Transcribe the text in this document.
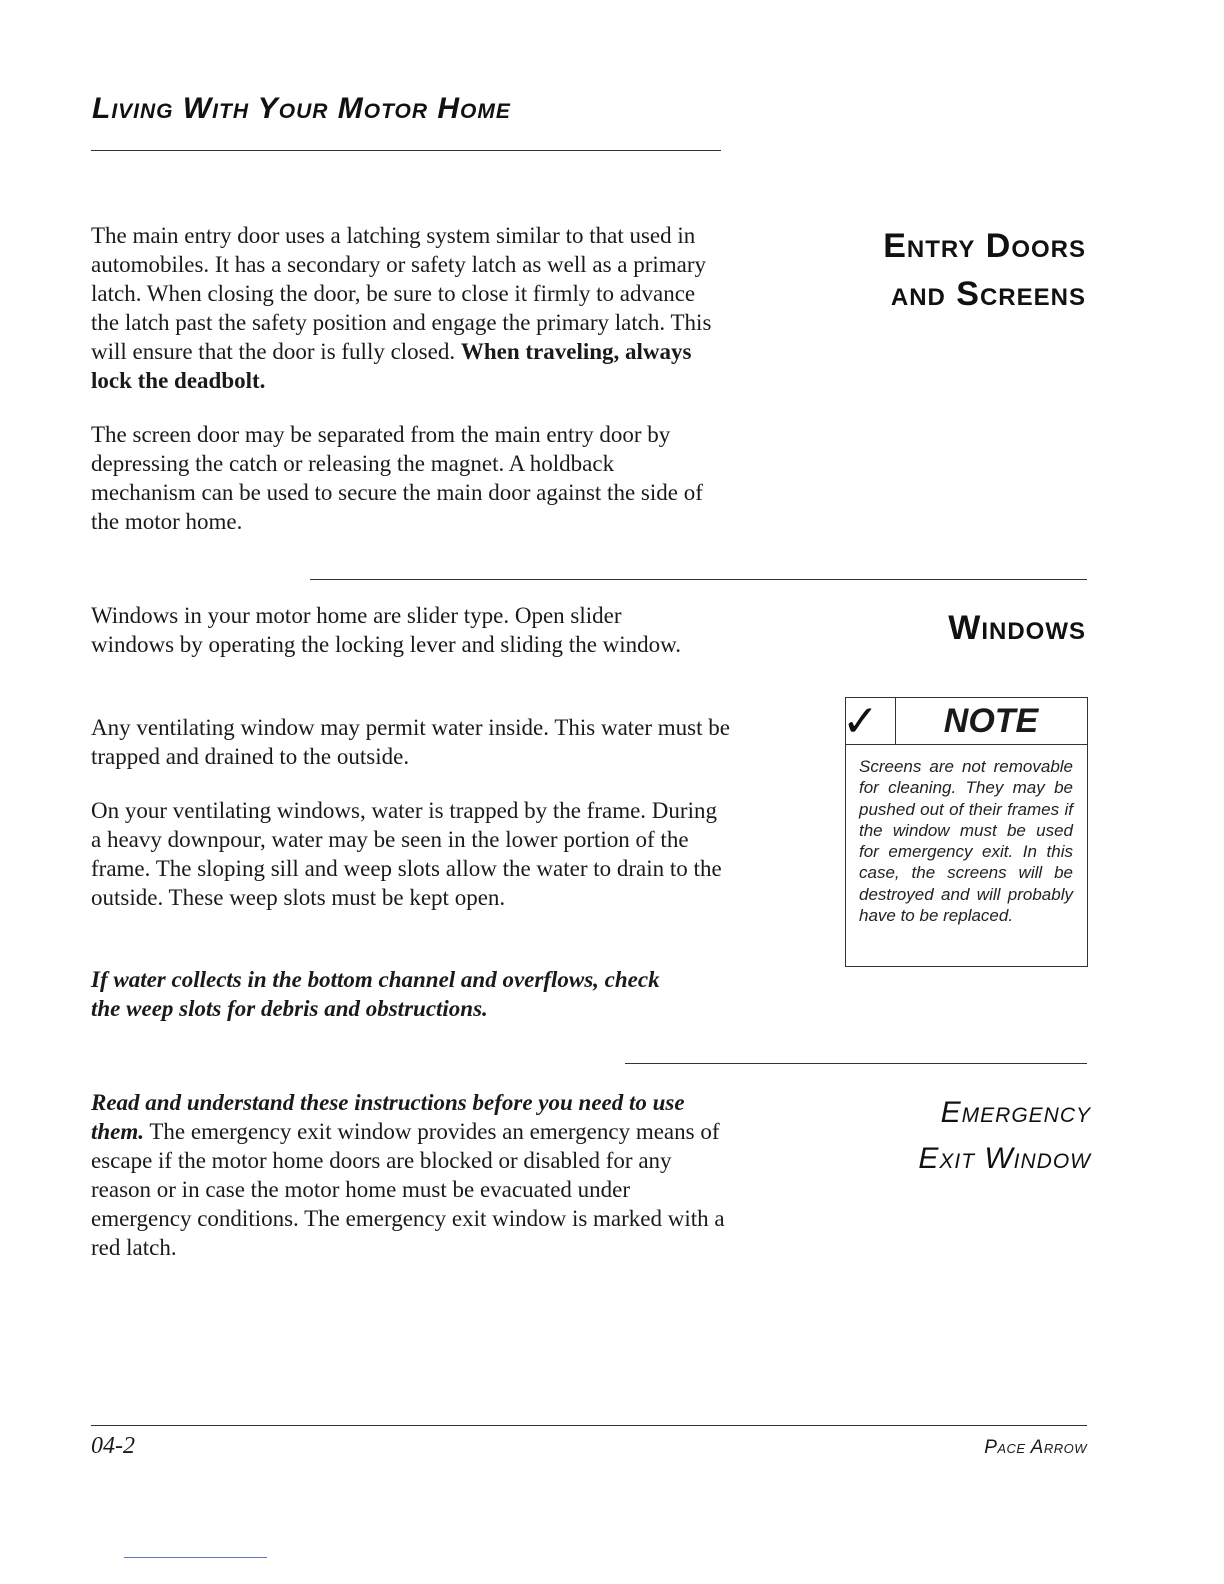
Living With Your Motor Home
Entry Doors
and Screens

The main entry door uses a latching system similar to that used in automobiles. It has a secondary or safety latch as well as a primary latch. When closing the door, be sure to close it firmly to advance the latch past the safety position and engage the primary latch. This will ensure that the door is fully closed. When traveling, always lock the deadbolt.

The screen door may be separated from the main entry door by depressing the catch or releasing the magnet. A holdback mechanism can be used to secure the main door against the side of the motor home.

Windows

Windows in your motor home are slider type. Open slider windows by operating the locking lever and sliding the window.

Any ventilating window may permit water inside. This water must be trapped and drained to the outside.

On your ventilating windows, water is trapped by the frame. During a heavy downpour, water may be seen in the lower portion of the frame. The sloping sill and weep slots allow the water to drain to the outside. These weep slots must be kept open.

If water collects in the bottom channel and overflows, check the weep slots for debris and obstructions.

✓	NOTE

Screens are not removable for cleaning. They may be pushed out of their frames if the window must be used for emergency exit. In this case, the screens will be destroyed and will probably have to be replaced.

Emergency
Exit Window

Read and understand these instructions before you need to use them. The emergency exit window provides an emergency means of escape if the motor home doors are blocked or disabled for any reason or in case the motor home must be evacuated under emergency conditions. The emergency exit window is marked with a red latch.

04-2	Pace Arrow
